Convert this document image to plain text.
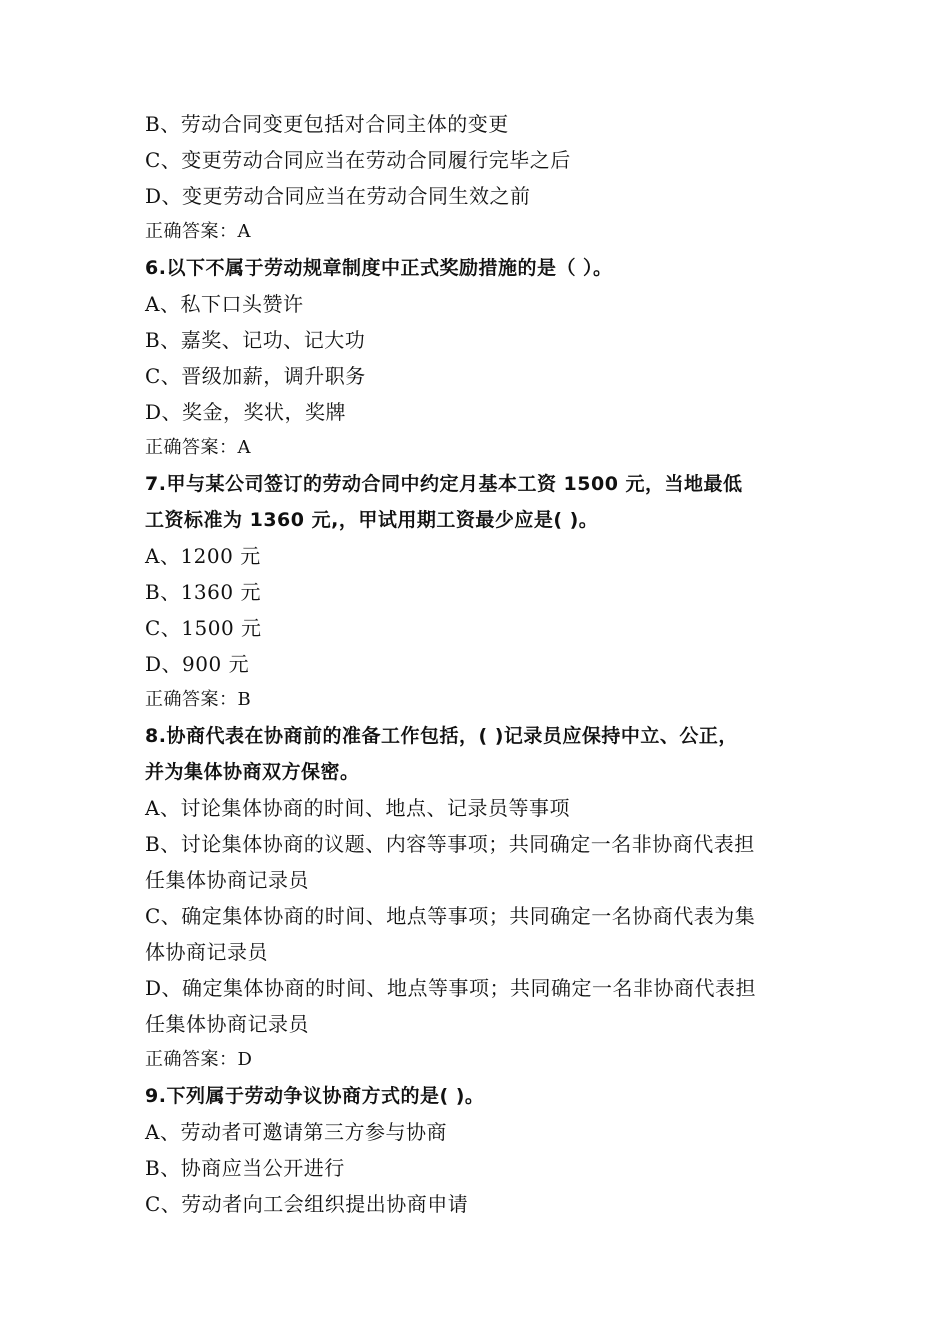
B、劳动合同变更包括对合同主体的变更
C、变更劳动合同应当在劳动合同履行完毕之后
D、变更劳动合同应当在劳动合同生效之前
正确答案：A
6.以下不属于劳动规章制度中正式奖励措施的是（ ）。
A、私下口头赞许
B、嘉奖、记功、记大功
C、晋级加薪，调升职务
D、奖金，奖状，奖牌
正确答案：A
7.甲与某公司签订的劳动合同中约定月基本工资 1500 元，当地最低
工资标准为 1360 元,，甲试用期工资最少应是( )。
A、1200 元
B、1360 元
C、1500 元
D、900 元
正确答案：B
8.协商代表在协商前的准备工作包括，( )记录员应保持中立、公正，
并为集体协商双方保密。
A、讨论集体协商的时间、地点、记录员等事项
B、讨论集体协商的议题、内容等事项；共同确定一名非协商代表担
任集体协商记录员
C、确定集体协商的时间、地点等事项；共同确定一名协商代表为集
体协商记录员
D、确定集体协商的时间、地点等事项；共同确定一名非协商代表担
任集体协商记录员
正确答案：D
9.下列属于劳动争议协商方式的是( )。
A、劳动者可邀请第三方参与协商
B、协商应当公开进行
C、劳动者向工会组织提出协商申请
